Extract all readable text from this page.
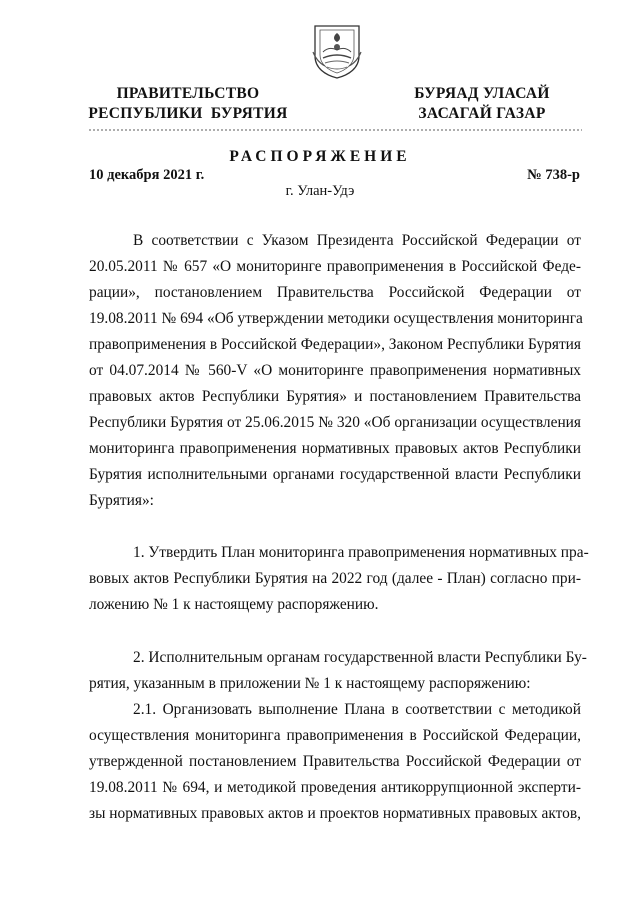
ПРАВИТЕЛЬСТВО
РЕСПУБЛИКИ  БУРЯТИЯ
БУРЯАД УЛАСАЙ
ЗАСАГАЙ ГАЗАР
РАСПОРЯЖЕНИЕ
10 декабря 2021 г.	№ 738-р
г. Улан-Удэ
В соответствии с Указом Президента Российской Федерации от
20.05.2011 № 657 «О мониторинге правоприменения в Российской Феде-
рации», постановлением Правительства Российской Федерации от
19.08.2011 № 694 «Об утверждении методики осуществления мониторинга
правоприменения в Российской Федерации», Законом Республики Бурятия
от 04.07.2014 № 560-V «О мониторинге правоприменения нормативных
правовых актов Республики Бурятия» и постановлением Правительства
Республики Бурятия от 25.06.2015 № 320 «Об организации осуществления
мониторинга правоприменения нормативных правовых актов Республики
Бурятия исполнительными органами государственной власти Республики
Бурятия»:
1. Утвердить План мониторинга правоприменения нормативных пра-
вовых актов Республики Бурятия на 2022 год (далее - План) согласно при-
ложению № 1 к настоящему распоряжению.
2. Исполнительным органам государственной власти Республики Бу-
рятия, указанным в приложении № 1 к настоящему распоряжению:
2.1. Организовать выполнение Плана в соответствии с методикой
осуществления мониторинга правоприменения в Российской Федерации,
утвержденной постановлением Правительства Российской Федерации от
19.08.2011 № 694, и методикой проведения антикоррупционной эксперти-
зы нормативных правовых актов и проектов нормативных правовых актов,
